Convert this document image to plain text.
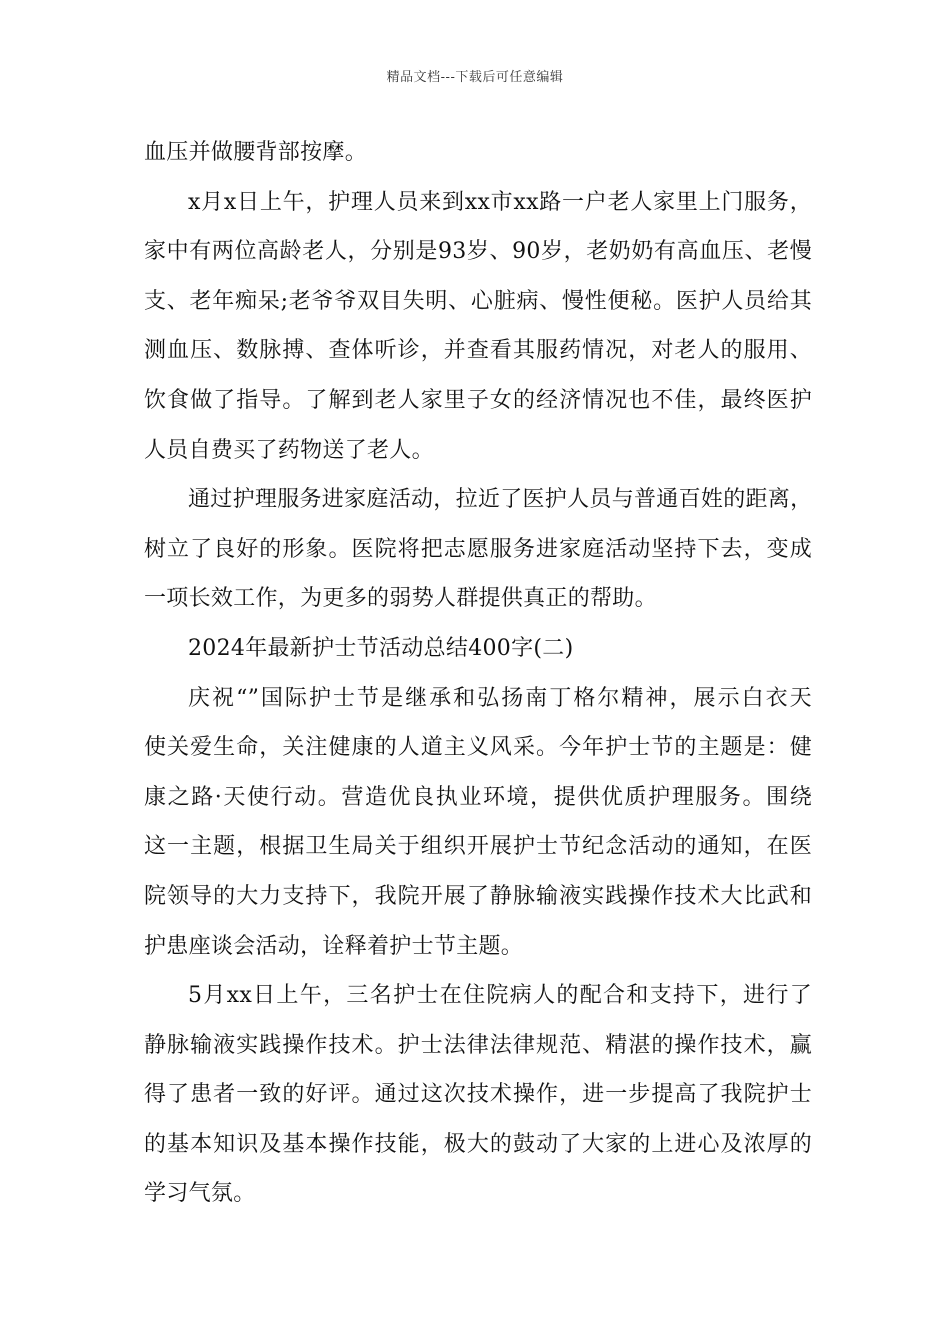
精品文档---下载后可任意编辑
血压并做腰背部按摩。
x月x日上午，护理人员来到xx市xx路一户老人家里上门服务，
家中有两位高龄老人，分别是93岁、90岁，老奶奶有高血压、老慢
支、老年痴呆;老爷爷双目失明、心脏病、慢性便秘。医护人员给其
测血压、数脉搏、查体听诊，并查看其服药情况，对老人的服用、
饮食做了指导。了解到老人家里子女的经济情况也不佳，最终医护
人员自费买了药物送了老人。
通过护理服务进家庭活动，拉近了医护人员与普通百姓的距离，
树立了良好的形象。医院将把志愿服务进家庭活动坚持下去，变成
一项长效工作，为更多的弱势人群提供真正的帮助。
2024年最新护士节活动总结400字(二)
庆祝“”国际护士节是继承和弘扬南丁格尔精神，展示白衣天
使关爱生命，关注健康的人道主义风采。今年护士节的主题是：健
康之路·天使行动。营造优良执业环境，提供优质护理服务。围绕
这一主题，根据卫生局关于组织开展护士节纪念活动的通知，在医
院领导的大力支持下，我院开展了静脉输液实践操作技术大比武和
护患座谈会活动，诠释着护士节主题。
5月xx日上午，三名护士在住院病人的配合和支持下，进行了
静脉输液实践操作技术。护士法律法律规范、精湛的操作技术，赢
得了患者一致的好评。通过这次技术操作，进一步提高了我院护士
的基本知识及基本操作技能，极大的鼓动了大家的上进心及浓厚的
学习气氛。
